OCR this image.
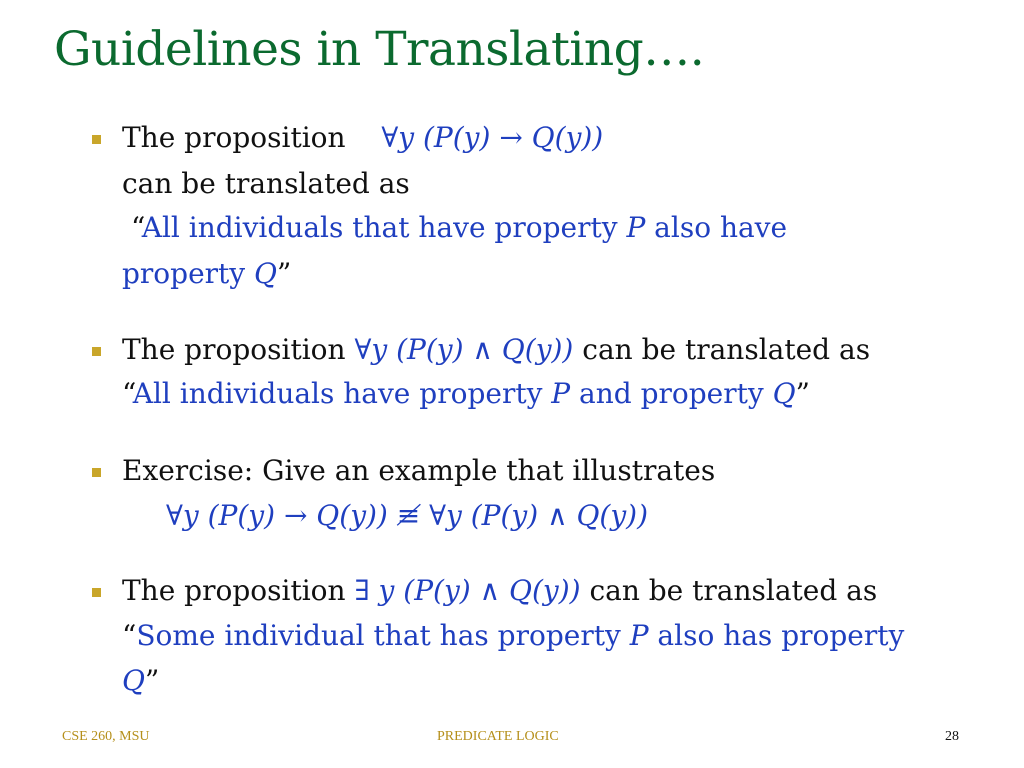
Guidelines in Translating….
The proposition ∀y (P(y) → Q(y))
can be translated as
“All individuals that have property P also have
property Q”
The proposition ∀y (P(y) ∧ Q(y)) can be translated as
“All individuals have property P and property Q”
Exercise: Give an example that illustrates
∀y (P(y) → Q(y)) ≢ ∀y (P(y) ∧ Q(y))
The proposition ∃ y (P(y) ∧ Q(y)) can be translated as
“Some individual that has property P also has property
Q”
CSE 260, MSU	PREDICATE LOGIC	28
